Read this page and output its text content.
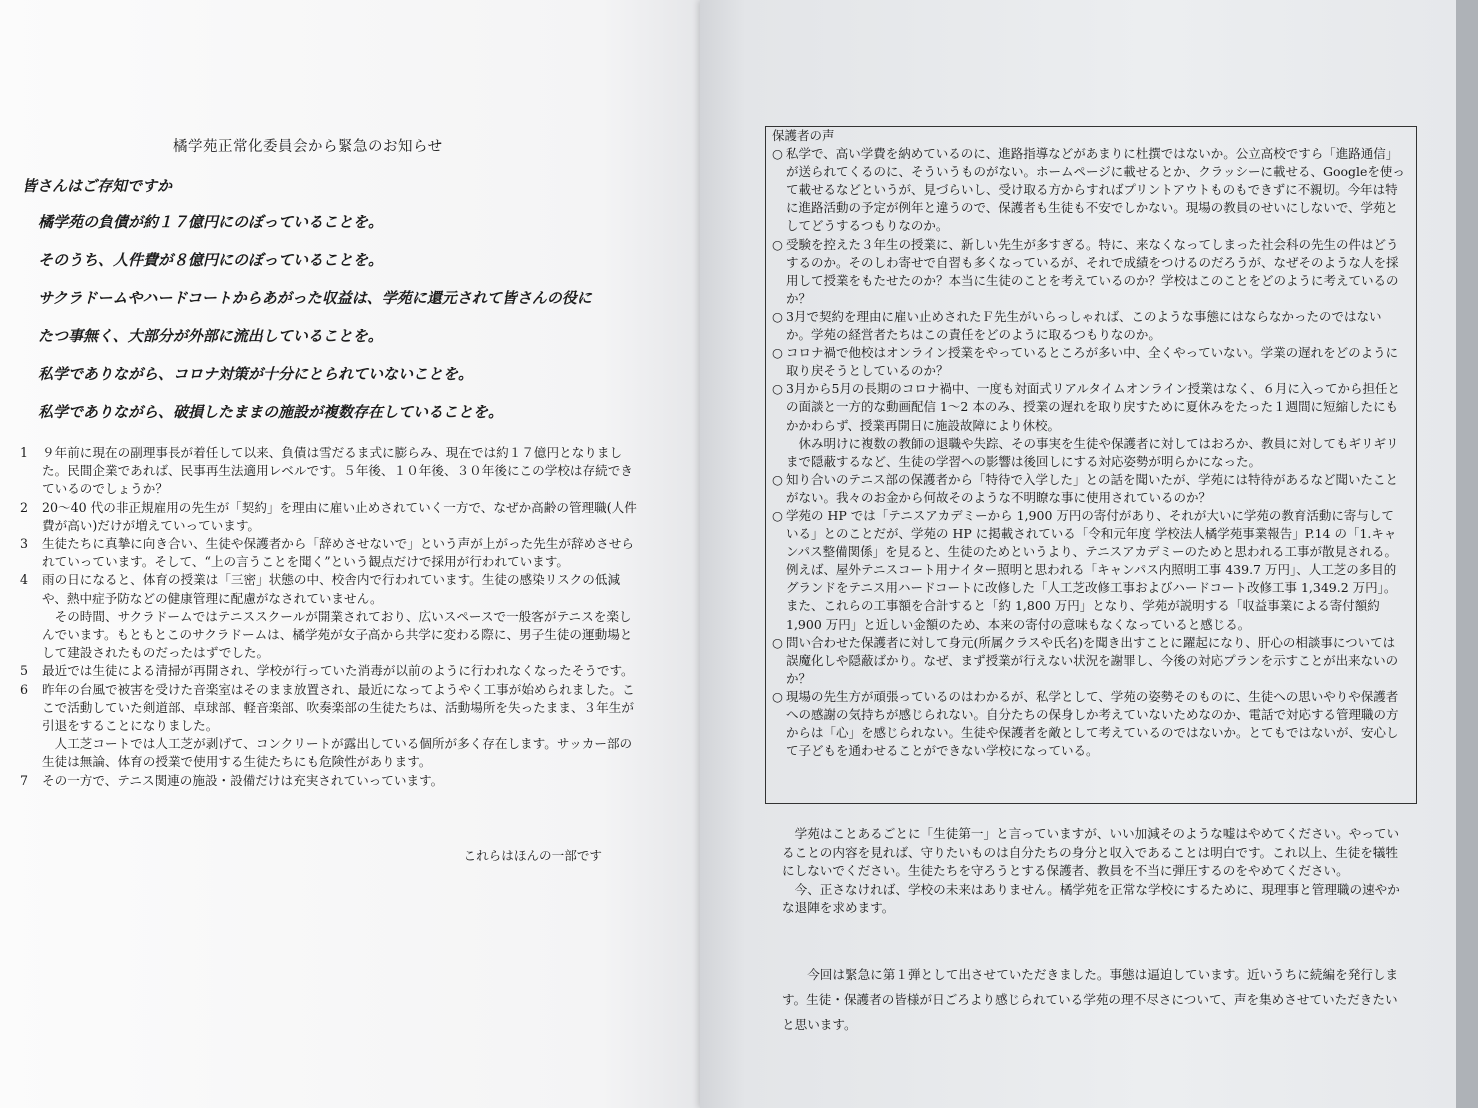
橘学苑正常化委員会から緊急のお知らせ
皆さんはご存知ですか
橘学苑の負債が約１７億円にのぼっていることを。
そのうち、人件費が８億円にのぼっていることを。
サクラドームやハードコートからあがった収益は、学苑に還元されて皆さんの役に
たつ事無く、大部分が外部に流出していることを。
私学でありながら、コロナ対策が十分にとられていないことを。
私学でありながら、破損したままの施設が複数存在していることを。

1 ９年前に現在の副理事長が着任して以来、負債は雪だるま式に膨らみ、現在では約１７億円となりました。民間企業であれば、民事再生法適用レベルです。５年後、１０年後、３０年後にこの学校は存続できているのでしょうか？

2 20～40 代の非正規雇用の先生が「契約」を理由に雇い止めされていく一方で、なぜか高齢の管理職(人件費が高い)だけが増えていっています。

3 生徒たちに真摯に向き合い、生徒や保護者から「辞めさせないで」という声が上がった先生が辞めさせられていっています。そして、“上の言うことを聞く”という観点だけで採用が行われています。

4 雨の日になると、体育の授業は「三密」状態の中、校舎内で行われています。生徒の感染リスクの低減や、熱中症予防などの健康管理に配慮がなされていません。
その時間、サクラドームではテニススクールが開業されており、広いスペースで一般客がテニスを楽しんでいます。もともとこのサクラドームは、橘学苑が女子高から共学に変わる際に、男子生徒の運動場として建設されたものだったはずでした。

5 最近では生徒による清掃が再開され、学校が行っていた消毒が以前のように行われなくなったそうです。

6 昨年の台風で被害を受けた音楽室はそのまま放置され、最近になってようやく工事が始められました。ここで活動していた剣道部、卓球部、軽音楽部、吹奏楽部の生徒たちは、活動場所を失ったまま、３年生が引退をすることになりました。
人工芝コートでは人工芝が剥げて、コンクリートが露出している個所が多く存在します。サッカー部の生徒は無論、体育の授業で使用する生徒たちにも危険性があります。

7 その一方で、テニス関連の施設・設備だけは充実されていっています。

これらはほんの一部です
保護者の声

○ 私学で、高い学費を納めているのに、進路指導などがあまりに杜撰ではないか。公立高校ですら「進路通信」が送られてくるのに、そういうものがない。ホームページに載せるとか、クラッシーに載せる、Googleを使って載せるなどというが、見づらいし、受け取る方からすればプリントアウトものもできずに不親切。今年は特に進路活動の予定が例年と違うので、保護者も生徒も不安でしかない。現場の教員のせいにしないで、学苑としてどうするつもりなのか。

○ 受験を控えた３年生の授業に、新しい先生が多すぎる。特に、来なくなってしまった社会科の先生の件はどうするのか。そのしわ寄せで自習も多くなっているが、それで成績をつけるのだろうが、なぜそのような人を採用して授業をもたせたのか？本当に生徒のことを考えているのか？学校はこのことをどのように考えているのか？

○ 3月で契約を理由に雇い止めされたＦ先生がいらっしゃれば、このような事態にはならなかったのではないか。学苑の経営者たちはこの責任をどのように取るつもりなのか。

○ コロナ禍で他校はオンライン授業をやっているところが多い中、全くやっていない。学業の遅れをどのように取り戻そうとしているのか？

○ 3月から5月の長期のコロナ禍中、一度も対面式リアルタイムオンライン授業はなく、６月に入ってから担任との面談と一方的な動画配信 1～2 本のみ、授業の遅れを取り戻すために夏休みをたった１週間に短縮したにもかかわらず、授業再開日に施設故障により休校。
休み明けに複数の教師の退職や失踪、その事実を生徒や保護者に対してはおろか、教員に対してもギリギリまで隠蔽するなど、生徒の学習への影響は後回しにする対応姿勢が明らかになった。

○ 知り合いのテニス部の保護者から「特待で入学した」との話を聞いたが、学苑には特待があるなど聞いたことがない。我々のお金から何故そのような不明瞭な事に使用されているのか？

○ 学苑の HP では「テニスアカデミーから 1,900 万円の寄付があり、それが大いに学苑の教育活動に寄与している」とのことだが、学苑の HP に掲載されている「令和元年度 学校法人橘学苑事業報告」P.14 の「1.キャンパス整備関係」を見ると、生徒のためというより、テニスアカデミーのためと思われる工事が散見される。例えば、屋外テニスコート用ナイター照明と思われる「キャンパス内照明工事 439.7 万円」、人工芝の多目的グランドをテニス用ハードコートに改修した「人工芝改修工事およびハードコート改修工事 1,349.2 万円」。また、これらの工事額を合計すると「約 1,800 万円」となり、学苑が説明する「収益事業による寄付額約 1,900 万円」と近しい金額のため、本来の寄付の意味もなくなっていると感じる。

○ 問い合わせた保護者に対して身元(所属クラスや氏名)を聞き出すことに躍起になり、肝心の相談事については誤魔化しや隠蔽ばかり。なぜ、まず授業が行えない状況を謝罪し、今後の対応プランを示すことが出来ないのか？

○ 現場の先生方が頑張っているのはわかるが、私学として、学苑の姿勢そのものに、生徒への思いやりや保護者への感謝の気持ちが感じられない。自分たちの保身しか考えていないためなのか、電話で対応する管理職の方からは「心」を感じられない。生徒や保護者を敵として考えているのではないか。とてもではないが、安心して子どもを通わせることができない学校になっている。

学苑はことあるごとに「生徒第一」と言っていますが、いい加減そのような嘘はやめてください。やっていることの内容を見れば、守りたいものは自分たちの身分と収入であることは明白です。これ以上、生徒を犠牲にしないでください。生徒たちを守ろうとする保護者、教員を不当に弾圧するのをやめてください。

今、正さなければ、学校の未来はありません。橘学苑を正常な学校にするために、現理事と管理職の速やかな退陣を求めます。

今回は緊急に第１弾として出させていただきました。事態は逼迫しています。近いうちに続編を発行します。生徒・保護者の皆様が日ごろより感じられている学苑の理不尽さについて、声を集めさせていただきたいと思います。
